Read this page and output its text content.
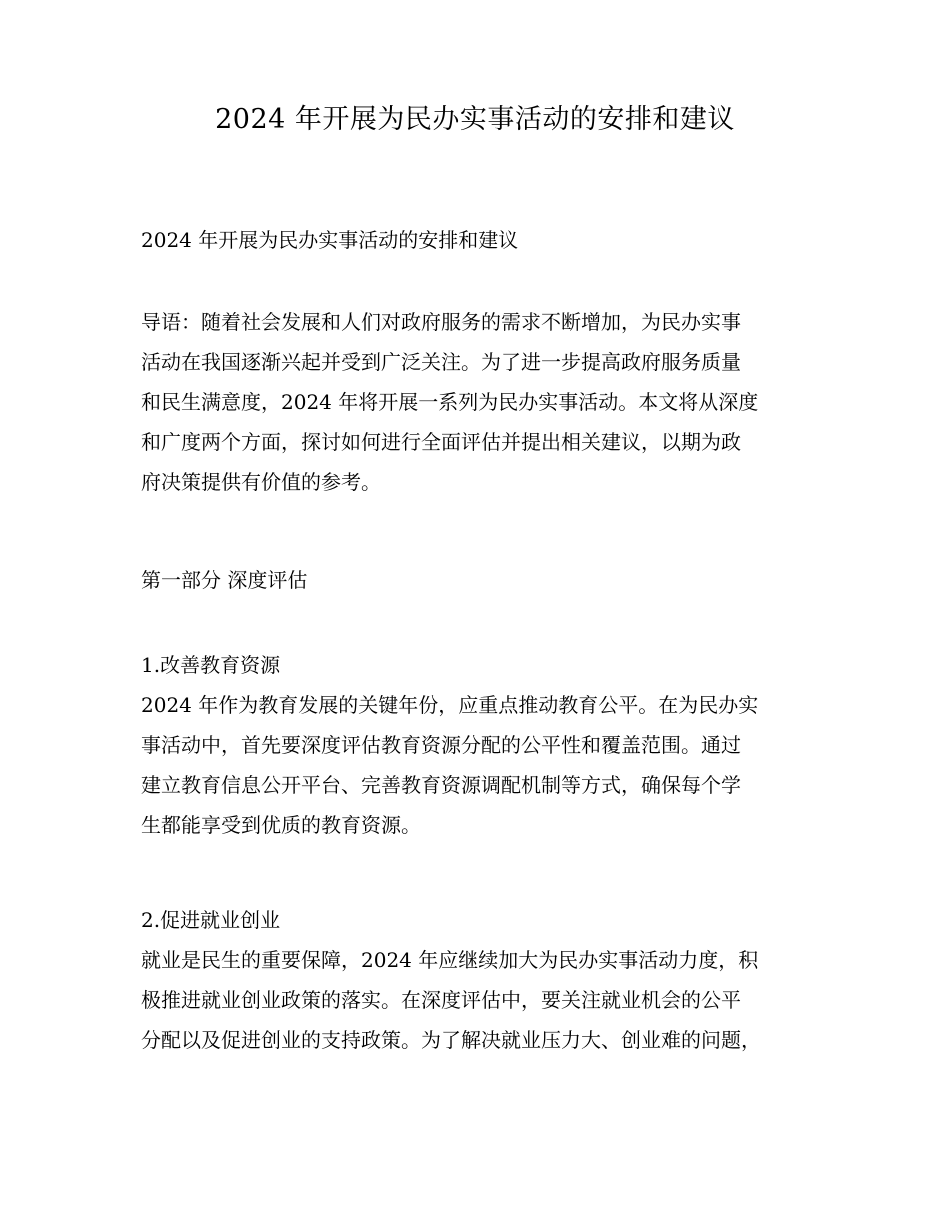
2024 年开展为民办实事活动的安排和建议

2024 年开展为民办实事活动的安排和建议

导语：随着社会发展和人们对政府服务的需求不断增加，为民办实事
活动在我国逐渐兴起并受到广泛关注。为了进一步提高政府服务质量
和民生满意度，2024 年将开展一系列为民办实事活动。本文将从深度
和广度两个方面，探讨如何进行全面评估并提出相关建议，以期为政
府决策提供有价值的参考。

第一部分 深度评估

1.改善教育资源
2024 年作为教育发展的关键年份，应重点推动教育公平。在为民办实
事活动中，首先要深度评估教育资源分配的公平性和覆盖范围。通过
建立教育信息公开平台、完善教育资源调配机制等方式，确保每个学
生都能享受到优质的教育资源。
2.促进就业创业
就业是民生的重要保障，2024 年应继续加大为民办实事活动力度，积
极推进就业创业政策的落实。在深度评估中，要关注就业机会的公平
分配以及促进创业的支持政策。为了解决就业压力大、创业难的问题，
